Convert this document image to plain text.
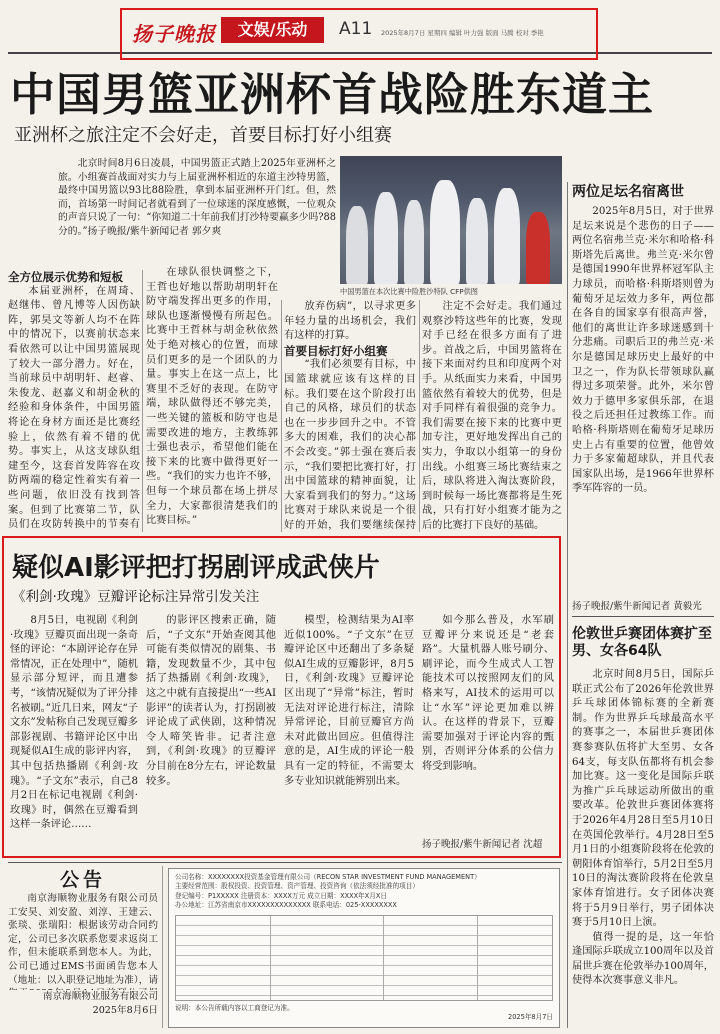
扬子晚报	文娱/乐动	A11 2025年8月7日 星期四 编辑 叶力强 版面 马腾 校对 季艳
中国男篮亚洲杯首战险胜东道主
亚洲杯之旅注定不会好走，首要目标打好小组赛

北京时间8月6日凌晨，中国男篮正式踏上2025年亚洲杯之旅。小组赛首战面对实力与上届亚洲杯相近的东道主沙特男篮，最终中国男篮以93比88险胜，拿到本届亚洲杯开门红。但，然而，首场第一时间记者就看到了一位球迷的深度感慨，一位观众的声音只说了一句：“你知道二十年前我们打沙特要赢多少吗?88分的。”扬子晚报/紫牛新闻记者 郭夕爽

中国男篮在本次比赛中险胜沙特队 CFP供图

全方位展示优势和短板

本届亚洲杯，在周琦、赵继伟、曾凡博等人因伤缺阵，郭昊文等新人均不在阵中的情况下，以赛前状态来看依然可以让中国男篮展现了较大一部分潜力。好在，当前球员中胡明轩、赵睿、朱俊龙、赵嘉义和胡金秋的经验和身体条件，中国男篮将论在身材方面还是比赛经验上，依然有着不错的优势。事实上，从这支球队组建至今，这套首发阵容在攻防两端的稳定性着实有着一些问题，依旧没有找到答案。但到了比赛第二节，队员们在攻防转换中的节奏有

在球队很快调整之下，王哲也好地以帮助胡明轩在防守端发挥出更多的作用，球队也逐渐慢慢有所起色。比赛中王哲林与胡金秋依然处于绝对核心的位置，而球员们更多的是一个团队的力量。事实上在这一点上，比赛里不乏好的表现。在防守端，球队做得还不够完美，一些关键的篮板和防守也是需要改进的地方，主教练郭士强也表示，希望他们能在接下来的比赛中做得更好一些。“我们的实力也许不够，但每一个球员都在场上拼尽全力，大家都很清楚我们的比赛目标。”

放弃伤病”，以寻求更多年轻力量的出场机会，我们有这样的打算。

首要目标打好小组赛

“我们必须要有目标，中国篮球就应该有这样的目标。我们要在这个阶段打出自己的风格，球员们的状态也在一步步回升之中。不管多大的困难，我们的决心都不会改变。”郭士强在赛后表示，“我们要把比赛打好，打出中国篮球的精神面貌，让大家看到我们的努力。”这场比赛对于球队来说是一个很好的开始，我们要继续保持

注定不会好走。我们通过观察沙特这些年的比赛，发现对手已经在很多方面有了进步。首战之后，中国男篮将在接下来面对约旦和印度两个对手。从纸面实力来看，中国男篮依然有着较大的优势，但是对手同样有着很强的竞争力。我们需要在接下来的比赛中更加专注，更好地发挥出自己的实力，争取以小组第一的身份出线。小组赛三场比赛结束之后，球队将进入淘汰赛阶段，到时候每一场比赛都将是生死战，只有打好小组赛才能为之后的比赛打下良好的基础。

两位足坛名宿离世

2025年8月5日，对于世界足坛来说是个悲伤的日子——两位名宿弗兰克·米尔和哈格·科斯塔先后离世。弗兰克·米尔曾是德国1990年世界杯冠军队主力球员，而哈格·科斯塔则曾为葡萄牙足坛效力多年，两位都在各自的国家享有很高声誉，他们的离世让许多球迷感到十分悲痛。司职后卫的弗兰克·米尔是德国足球历史上最好的中卫之一，作为队长带领球队赢得过多项荣誉。此外，米尔曾效力于德甲多家俱乐部，在退役之后还担任过教练工作。而哈格·科斯塔则在葡萄牙足球历史上占有重要的位置，他曾效力于多家葡超球队，并且代表国家队出场，是1966年世界杯季军阵容的一员。

扬子晚报/紫牛新闻记者 黄毅光
伦敦世乒赛团体赛扩至男、女各64队

北京时间8月5日，国际乒联正式公布了2026年伦敦世界乒乓球团体锦标赛的全新赛制。作为世界乒乓球最高水平的赛事之一，本届世乒赛团体赛参赛队伍将扩大至男、女各64支，每支队伍都将有机会参加比赛。这一变化是国际乒联为推广乒乓球运动所做出的重要改革。伦敦世乒赛团体赛将于2026年4月28日至5月10日在英国伦敦举行。4月28日至5月1日的小组赛阶段将在伦敦的朝阳体育馆举行，5月2日至5月10日的淘汰赛阶段将在伦敦皇家体育馆进行。女子团体决赛将于5月9日举行，男子团体决赛于5月10日上演。

值得一提的是，这一年恰逢国际乒联成立100周年以及首届世乒赛在伦敦举办100周年，使得本次赛事意义非凡。

疑似AI影评把打拐剧评成武侠片
《利剑·玫瑰》豆瓣评论标注异常引发关注

8月5日，电视剧《利剑·玫瑰》豆瓣页面出现一条奇怪的评论：“本剧评论存在异常情况，正在处理中”，随机显示部分短评，而且遭参考，“该情况疑似为了评分排名被刷。”近几日来，网友“子文东”发帖称自己发现豆瓣多部影视剧、书籍评论区中出现疑似AI生成的影评内容，其中包括热播剧《利剑·玫瑰》。“子文东”表示，自己8月2日在标记电视剧《利剑·玫瑰》时，偶然在豆瓣看到这样一条评论……

的影评区搜索正确，随后，“子文东”开始查阅其他可能有类似情况的剧集、书籍，发现数量不少，其中包括了热播剧《利剑·玫瑰》，这之中就有直接提出“一些AI影评”的读者认为，打拐剧被评论成了武侠剧，这种情况令人啼笑皆非。记者注意到，《利剑·玫瑰》的豆瓣评分目前在8分左右，评论数量较多。

模型，检测结果为AI率近似100%。“子文东”在豆瓣评论区中还翻出了多条疑似AI生成的豆瓣影评，8月5日，《利剑·玫瑰》豆瓣评论区出现了“异常”标注，暂时无法对评论进行标注，清除异常评论，目前豆瓣官方尚未对此做出回应。但值得注意的是，AI生成的评论一般具有一定的特征，不需要太多专业知识就能辨别出来。

如今那么普及，水军刷豆瓣评分来说还是“老套路”。大量机器人账号刷分、刷评论，而今生成式人工智能技术可以按照网友们的风格来写，AI技术的运用可以让“水军”评论更加难以辨认。在这样的背景下，豆瓣需要加强对于评论内容的甄别，否则评分体系的公信力将受到影响。

扬子晚报/紫牛新闻记者 沈超
公告

南京海顺物业服务有限公司员工安昊、刘安盈、刘淳、王建云、张琰、张瑞阳：根据该劳动合同约定，公司已多次联系您要求返岗工作，但未能联系到您本人。为此，公司已通过EMS书面函告您本人（地址：以入职登记地址为准），请

南京海顺物业服务有限公司
2025年8月6日
公司名称：XXXXXXXX投资基金管理有限公司（RECON STAR INVESTMENT FUND MANAGEMENT）
主要经营范围：股权投资、投资管理、资产管理、投资咨询（依法须经批准的项目）
登记编号：P1XXXXX 注册资本：XXXX万元 成立日期：XXXX年X月X日
办公地址：江苏省南京市XXXXXXXXXXXXXX 联系电话：025-XXXXXXXX
说明：本公告所载内容以工商登记为准。
2025年8月7日
